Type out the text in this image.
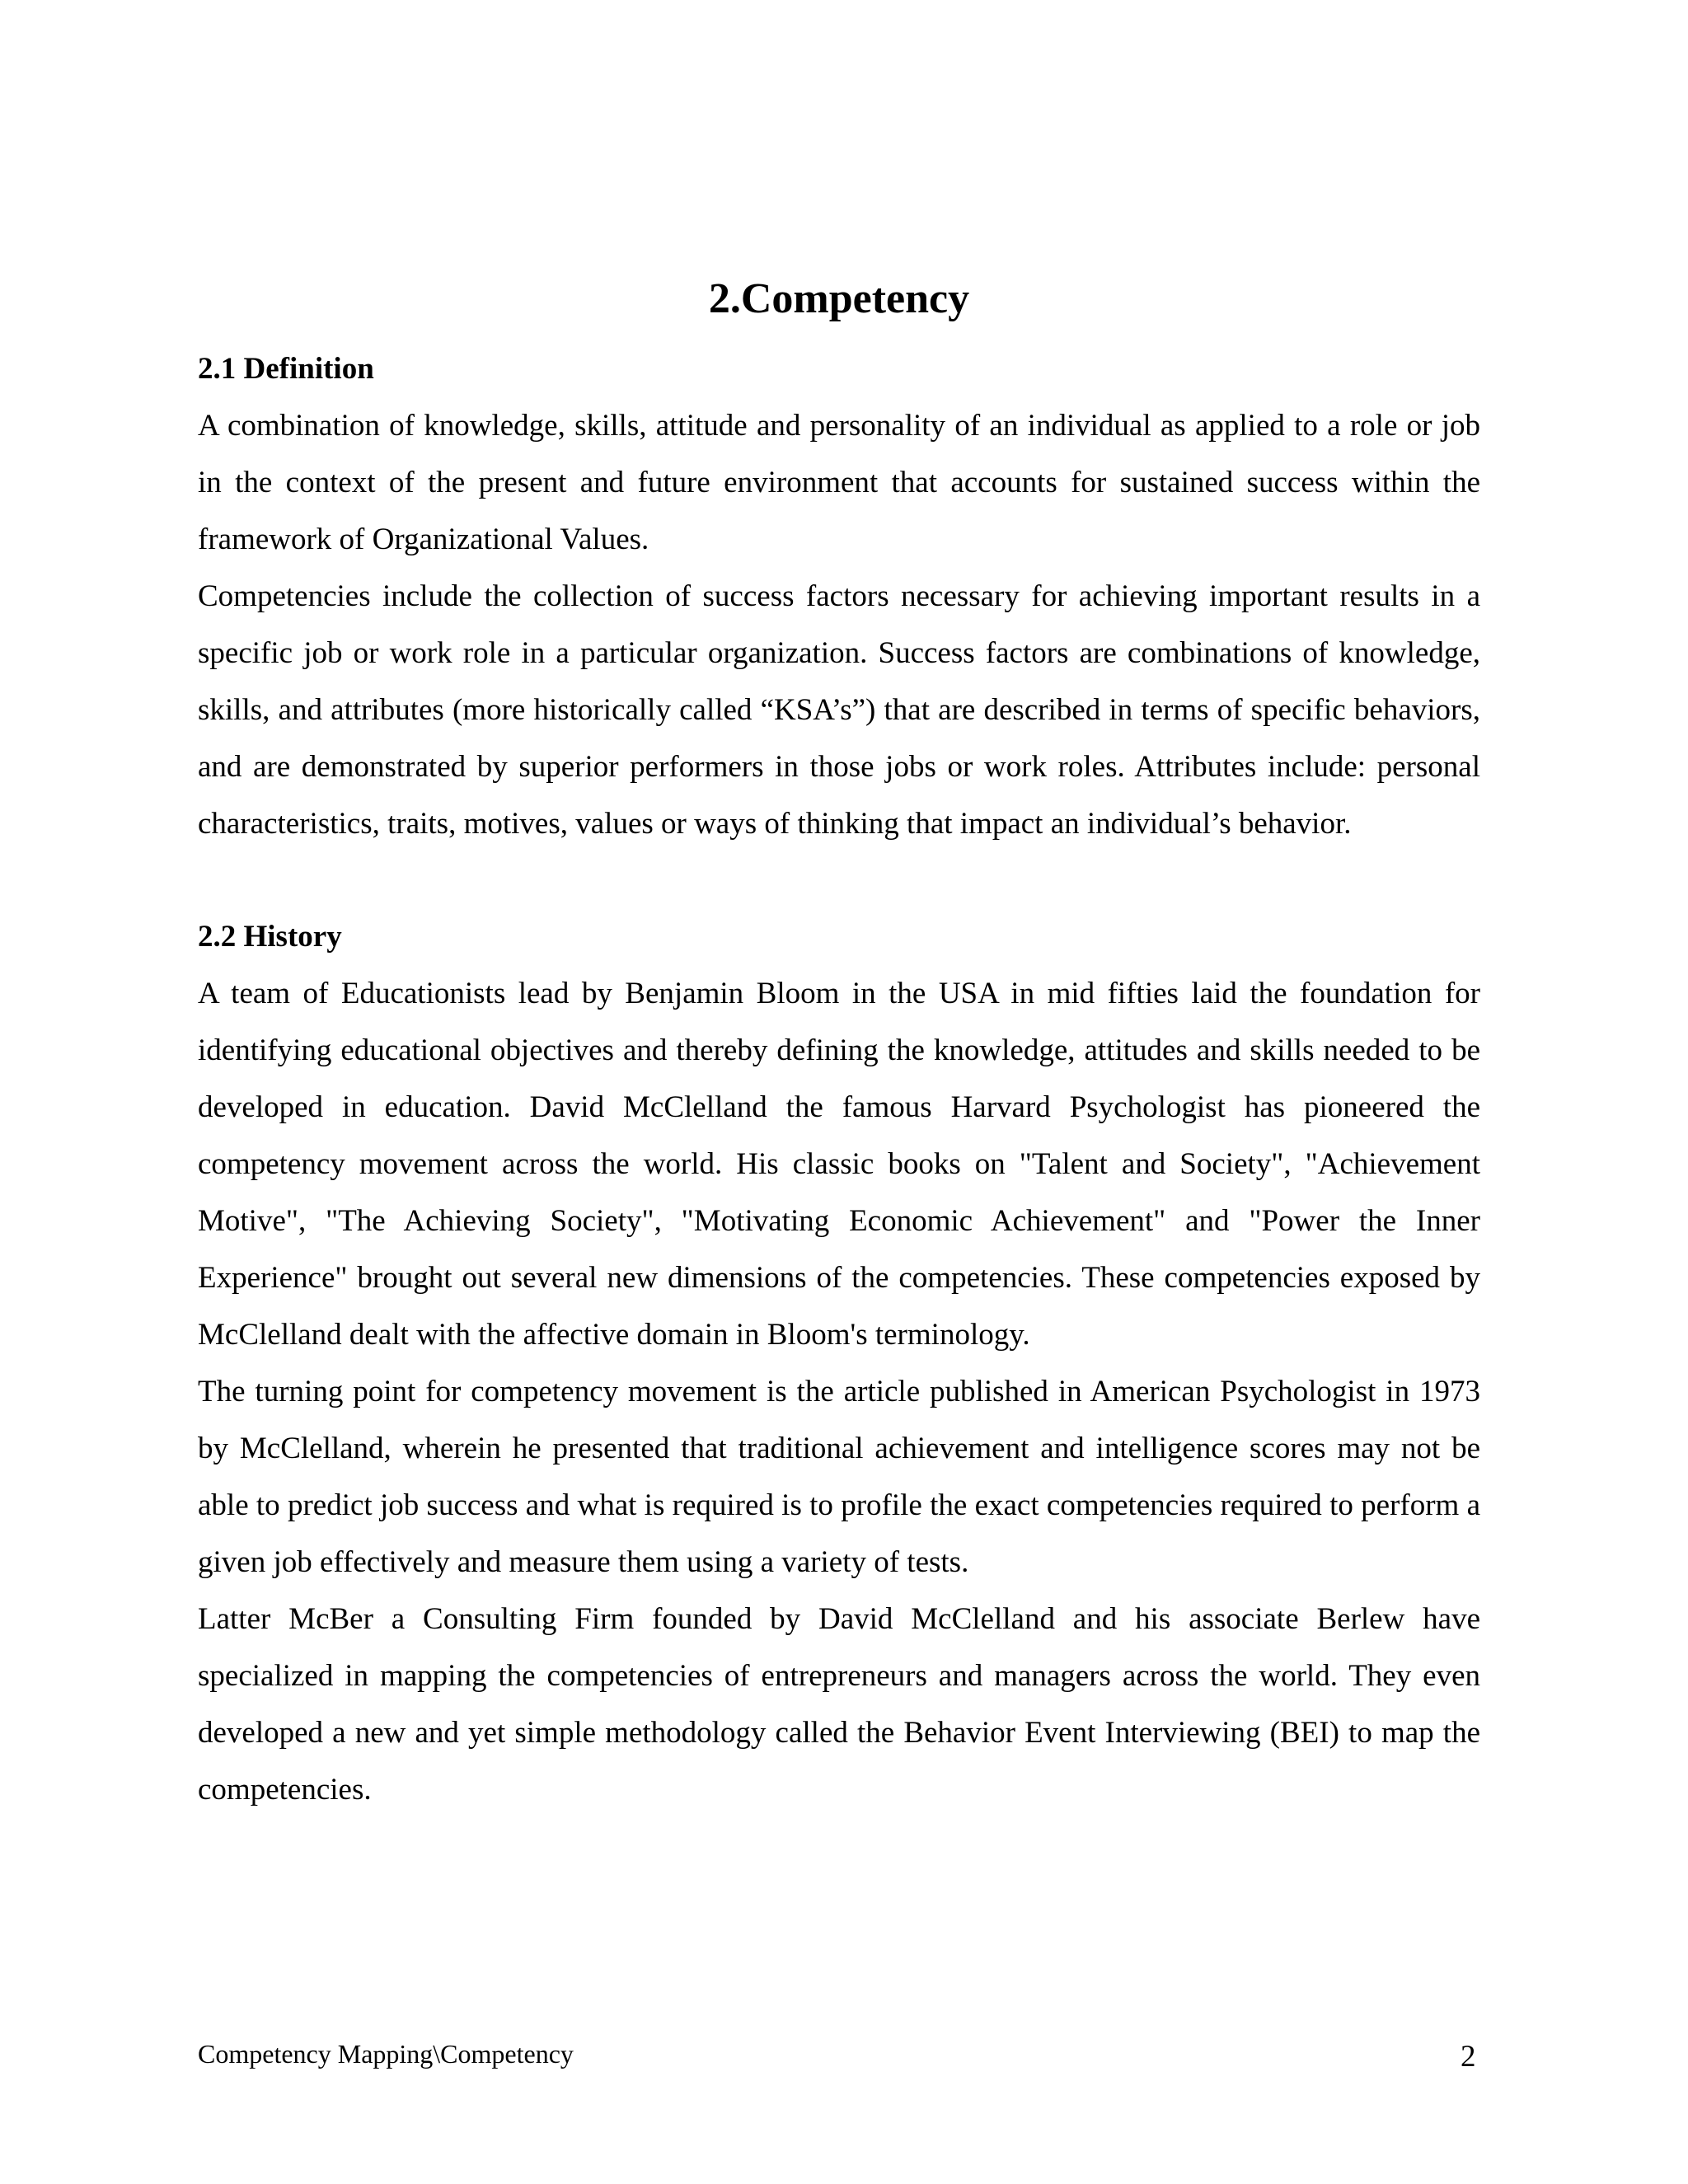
2.Competency
2.1 Definition

A combination of knowledge, skills, attitude and personality of an individual as applied to a role or job in the context of the present and future environment that accounts for sustained success within the framework of Organizational Values.

Competencies include the collection of success factors necessary for achieving important results in a specific job or work role in a particular organization. Success factors are combinations of knowledge, skills, and attributes (more historically called “KSA’s”) that are described in terms of specific behaviors, and are demonstrated by superior performers in those jobs or work roles. Attributes include: personal characteristics, traits, motives, values or ways of thinking that impact an individual’s behavior.

2.2 History

A team of Educationists lead by Benjamin Bloom in the USA in mid fifties laid the foundation for identifying educational objectives and thereby defining the knowledge, attitudes and skills needed to be developed in education. David McClelland the famous Harvard Psychologist has pioneered the competency movement across the world. His classic books on "Talent and Society", "Achievement Motive", "The Achieving Society", "Motivating Economic Achievement" and "Power the Inner Experience" brought out several new dimensions of the competencies. These competencies exposed by McClelland dealt with the affective domain in Bloom's terminology.

The turning point for competency movement is the article published in American Psychologist in 1973 by McClelland, wherein he presented that traditional achievement and intelligence scores may not be able to predict job success and what is required is to profile the exact competencies required to perform a given job effectively and measure them using a variety of tests.

Latter McBer a Consulting Firm founded by David McClelland and his associate Berlew have specialized in mapping the competencies of entrepreneurs and managers across the world. They even developed a new and yet simple methodology called the Behavior Event Interviewing (BEI) to map the competencies.

Competency Mapping\Competency	2
